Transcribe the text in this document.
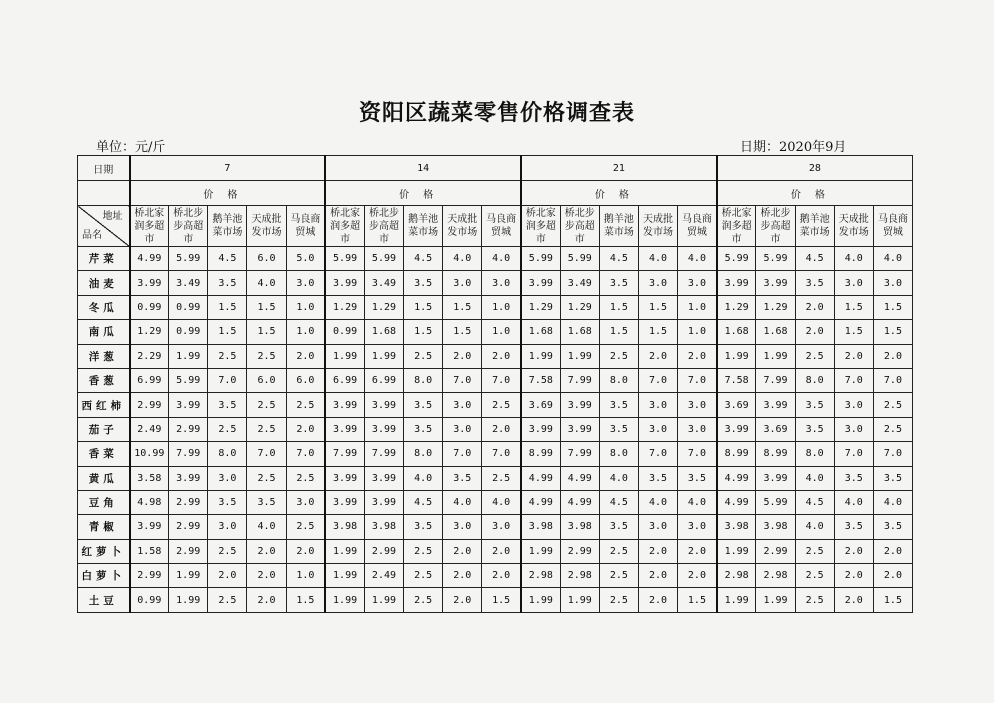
资阳区蔬菜零售价格调查表
单位：元/斤	日期：2020年9月
日期	7					14					21					28				
	价格					价格					价格					价格				

地址
品名	桥北家润多超市	桥北步步高超市	鹅羊池菜市场	天成批发市场	马良商贸城	桥北家润多超市	桥北步步高超市	鹅羊池菜市场	天成批发市场	马良商贸城	桥北家润多超市	桥北步步高超市	鹅羊池菜市场	天成批发市场	马良商贸城	桥北家润多超市	桥北步步高超市	鹅羊池菜市场	天成批发市场	马良商贸城
芹菜	4.99	5.99	4.5	6.0	5.0	5.99	5.99	4.5	4.0	4.0	5.99	5.99	4.5	4.0	4.0	5.99	5.99	4.5	4.0	4.0
油麦	3.99	3.49	3.5	4.0	3.0	3.99	3.49	3.5	3.0	3.0	3.99	3.49	3.5	3.0	3.0	3.99	3.99	3.5	3.0	3.0
冬瓜	0.99	0.99	1.5	1.5	1.0	1.29	1.29	1.5	1.5	1.0	1.29	1.29	1.5	1.5	1.0	1.29	1.29	2.0	1.5	1.5
南瓜	1.29	0.99	1.5	1.5	1.0	0.99	1.68	1.5	1.5	1.0	1.68	1.68	1.5	1.5	1.0	1.68	1.68	2.0	1.5	1.5
洋葱	2.29	1.99	2.5	2.5	2.0	1.99	1.99	2.5	2.0	2.0	1.99	1.99	2.5	2.0	2.0	1.99	1.99	2.5	2.0	2.0
香葱	6.99	5.99	7.0	6.0	6.0	6.99	6.99	8.0	7.0	7.0	7.58	7.99	8.0	7.0	7.0	7.58	7.99	8.0	7.0	7.0
西红柿	2.99	3.99	3.5	2.5	2.5	3.99	3.99	3.5	3.0	2.5	3.69	3.99	3.5	3.0	3.0	3.69	3.99	3.5	3.0	2.5
茄子	2.49	2.99	2.5	2.5	2.0	3.99	3.99	3.5	3.0	2.0	3.99	3.99	3.5	3.0	3.0	3.99	3.69	3.5	3.0	2.5
香菜	10.99	7.99	8.0	7.0	7.0	7.99	7.99	8.0	7.0	7.0	8.99	7.99	8.0	7.0	7.0	8.99	8.99	8.0	7.0	7.0
黄瓜	3.58	3.99	3.0	2.5	2.5	3.99	3.99	4.0	3.5	2.5	4.99	4.99	4.0	3.5	3.5	4.99	3.99	4.0	3.5	3.5
豆角	4.98	2.99	3.5	3.5	3.0	3.99	3.99	4.5	4.0	4.0	4.99	4.99	4.5	4.0	4.0	4.99	5.99	4.5	4.0	4.0
青椒	3.99	2.99	3.0	4.0	2.5	3.98	3.98	3.5	3.0	3.0	3.98	3.98	3.5	3.0	3.0	3.98	3.98	4.0	3.5	3.5
红萝卜	1.58	2.99	2.5	2.0	2.0	1.99	2.99	2.5	2.0	2.0	1.99	2.99	2.5	2.0	2.0	1.99	2.99	2.5	2.0	2.0
白萝卜	2.99	1.99	2.0	2.0	1.0	1.99	2.49	2.5	2.0	2.0	2.98	2.98	2.5	2.0	2.0	2.98	2.98	2.5	2.0	2.0
土豆	0.99	1.99	2.5	2.0	1.5	1.99	1.99	2.5	2.0	1.5	1.99	1.99	2.5	2.0	1.5	1.99	1.99	2.5	2.0	1.5
